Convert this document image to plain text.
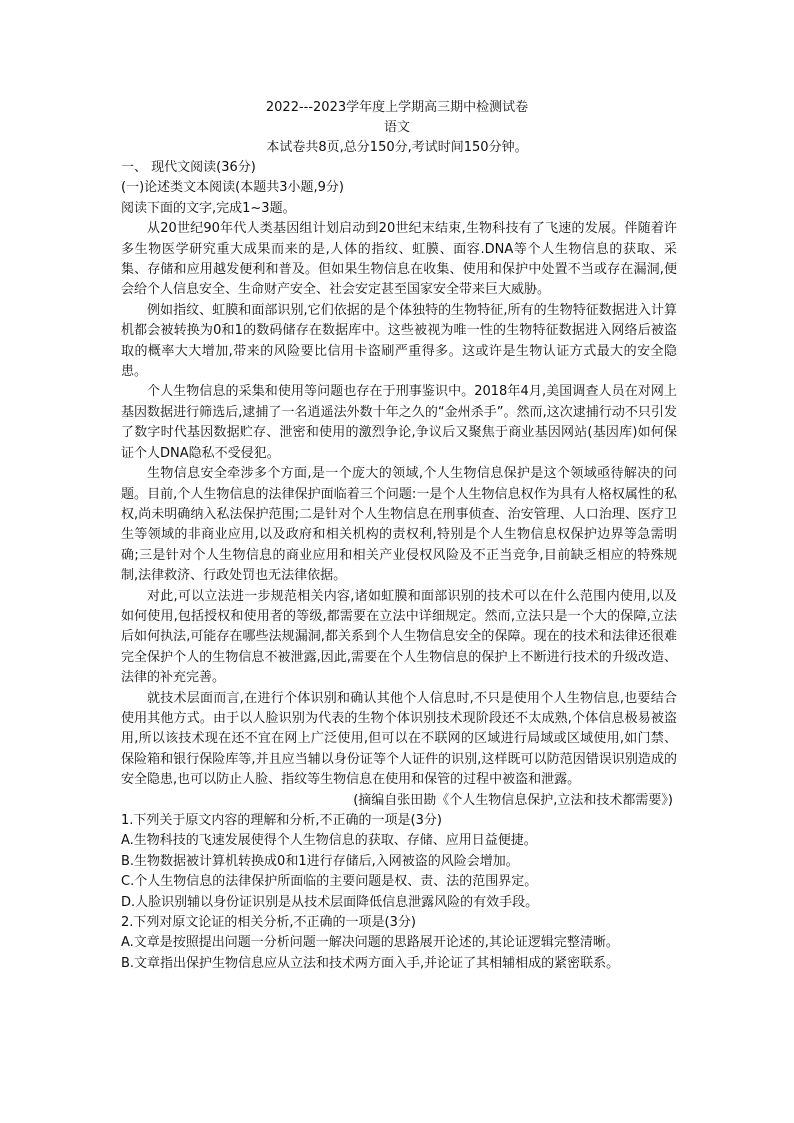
2022---2023学年度上学期高三期中检测试卷
语文
本试卷共8页,总分150分,考试时间150分钟。

一、 现代文阅读(36分)

(一)论述类文本阅读(本题共3小题,9分)

阅读下面的文字,完成1~3题。

从20世纪90年代人类基因组计划启动到20世纪末结束,生物科技有了飞速的发展。伴随着许多生物医学研究重大成果而来的是,人体的指纹、虹膜、面容.DNA等个人生物信息的获取、采集、存储和应用越发便利和普及。但如果生物信息在收集、使用和保护中处置不当或存在漏洞,便会给个人信息安全、生命财产安全、社会安定甚至国家安全带来巨大威胁。

例如指纹、虹膜和面部识别,它们依据的是个体独特的生物特征,所有的生物特征数据进入计算机都会被转换为0和1的数码储存在数据库中。这些被视为唯一性的生物特征数据进入网络后被盗取的概率大大增加,带来的风险要比信用卡盗刷严重得多。这或许是生物认证方式最大的安全隐患。

个人生物信息的采集和使用等问题也存在于刑事鉴识中。2018年4月,美国调查人员在对网上基因数据进行筛选后,逮捕了一名逍遥法外数十年之久的“金州杀手”。然而,这次逮捕行动不只引发了数字时代基因数据贮存、泄密和使用的激烈争论,争议后又聚焦于商业基因网站(基因库)如何保证个人DNA隐私不受侵犯。

生物信息安全牵涉多个方面,是一个庞大的领域,个人生物信息保护是这个领域亟待解决的问题。目前,个人生物信息的法律保护面临着三个问题:一是个人生物信息权作为具有人格权属性的私权,尚未明确纳入私法保护范围;二是针对个人生物信息在刑事侦查、治安管理、人口治理、医疗卫生等领域的非商业应用,以及政府和相关机构的责权利,特别是个人生物信息权保护边界等急需明确;三是针对个人生物信息的商业应用和相关产业侵权风险及不正当竞争,目前缺乏相应的特殊规制,法律救济、行政处罚也无法律依据。

对此,可以立法进一步规范相关内容,诸如虹膜和面部识别的技术可以在什么范围内使用,以及如何使用,包括授权和使用者的等级,都需要在立法中详细规定。然而,立法只是一个大的保障,立法后如何执法,可能存在哪些法规漏洞,都关系到个人生物信息安全的保障。现在的技术和法律还很难完全保护个人的生物信息不被泄露,因此,需要在个人生物信息的保护上不断进行技术的升级改造、法律的补充完善。

就技术层面而言,在进行个体识别和确认其他个人信息时,不只是使用个人生物信息,也要结合使用其他方式。由于以人脸识别为代表的生物个体识别技术现阶段还不太成熟,个体信息极易被盗用,所以该技术现在还不宜在网上广泛使用,但可以在不联网的区域进行局域或区域使用,如门禁、保险箱和银行保险库等,并且应当辅以身份证等个人证件的识别,这样既可以防范因错误识别造成的安全隐患,也可以防止人脸、指纹等生物信息在使用和保管的过程中被盗和泄露。

(摘编自张田勘《个人生物信息保护,立法和技术都需要》)

1.下列关于原文内容的理解和分析,不正确的一项是(3分)

A.生物科技的飞速发展使得个人生物信息的获取、存储、应用日益便捷。

B.生物数据被计算机转换成0和1进行存储后,入网被盗的风险会增加。

C.个人生物信息的法律保护所面临的主要问题是权、责、法的范围界定。

D.人脸识别辅以身份证识别是从技术层面降低信息泄露风险的有效手段。

2.下列对原文论证的相关分析,不正确的一项是(3分)

A.文章是按照提出问题一分析问题一解决问题的思路展开论述的,其论证逻辑完整清晰。

B.文章指出保护生物信息应从立法和技术两方面入手,并论证了其相辅相成的紧密联系。
